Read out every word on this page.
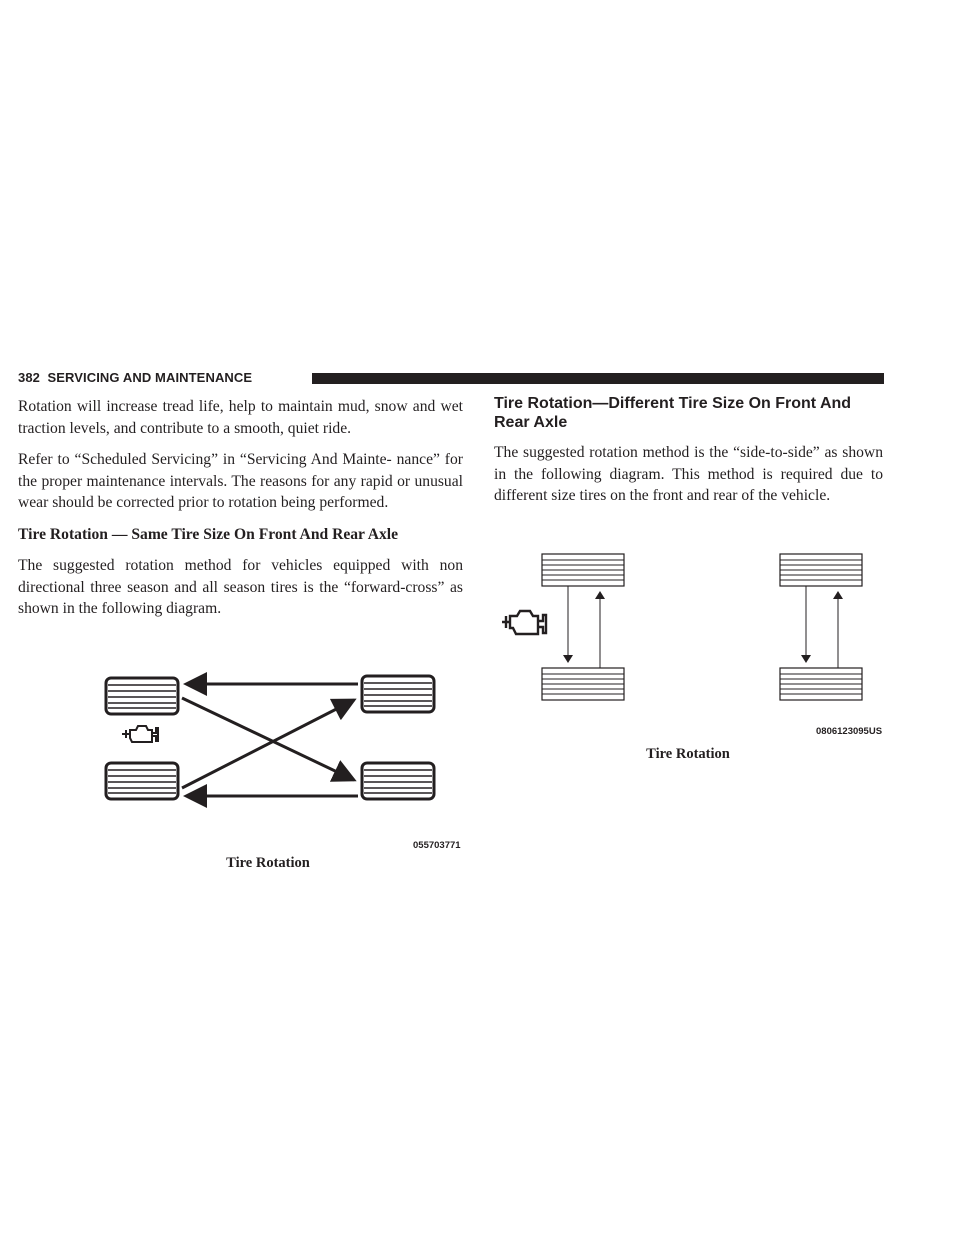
382 SERVICING AND MAINTENANCE

Rotation will increase tread life, help to maintain mud, snow and wet traction levels, and contribute to a smooth, quiet ride.

Refer to “Scheduled Servicing” in “Servicing And Mainte- nance” for the proper maintenance intervals. The reasons for any rapid or unusual wear should be corrected prior to rotation being performed.

Tire Rotation — Same Tire Size On Front And Rear Axle

The suggested rotation method for vehicles equipped with non directional three season and all season tires is the “forward-cross” as shown in the following diagram.

055703771
Tire Rotation
Tire Rotation—Different Tire Size On Front And Rear Axle

The suggested rotation method is the “side-to-side” as shown in the following diagram. This method is required due to different size tires on the front and rear of the vehicle.

0806123095US
Tire Rotation
